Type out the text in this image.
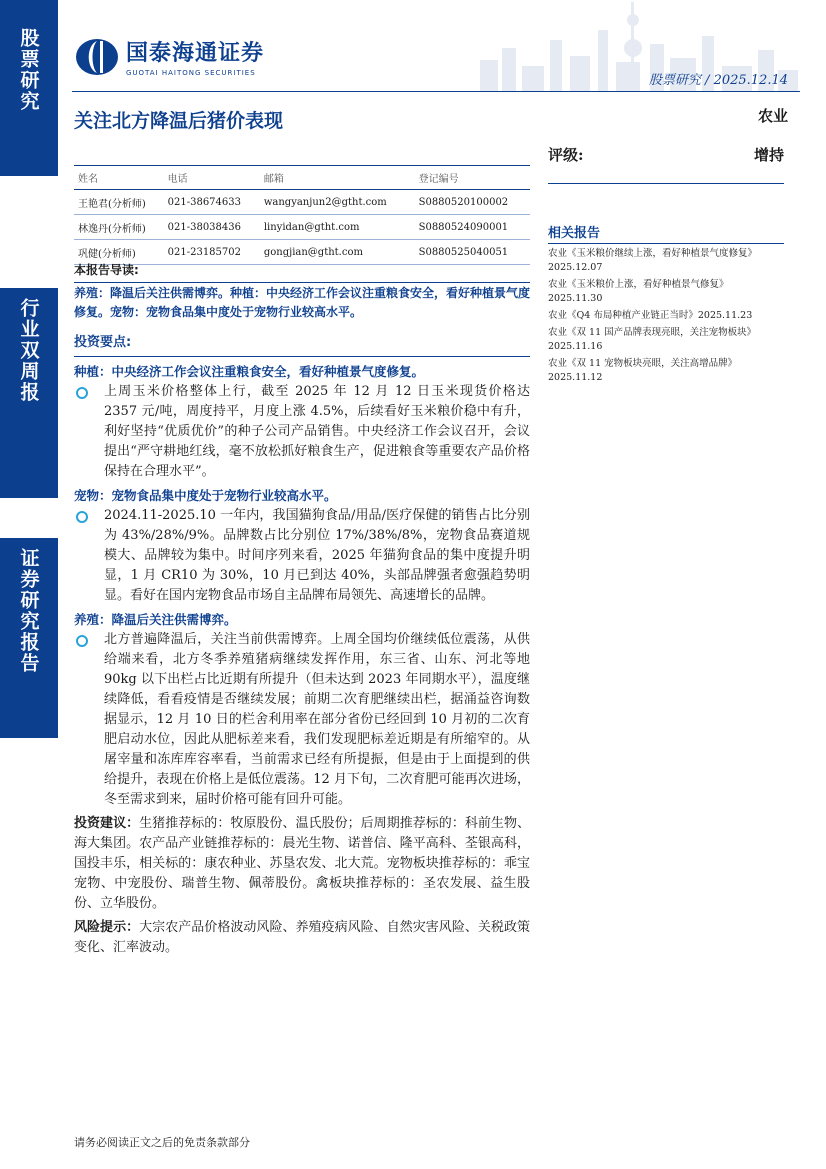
股票研究
行业双周报
证券研究报告
国泰海通证券
GUOTAI HAITONG SECURITIES	股票研究 / 2025.12.14
农业
关注北方降温后猪价表现
评级:	增持
姓名	电话	邮箱	登记编号
王艳君(分析师)	021-38674633	wangyanjun2@gtht.com	S0880520100002
林逸丹(分析师)	021-38038436	linyidan@gtht.com	S0880524090001
巩健(分析师)	021-23185702	gongjian@gtht.com	S0880525040051
相关报告
农业《玉米粮价继续上涨，看好种植景气度修复》
2025.12.07
农业《玉米粮价上涨，看好种植景气修复》
2025.11.30
农业《Q4 布局种植产业链正当时》2025.11.23
农业《双 11 国产品牌表现亮眼，关注宠物板块》
2025.11.16
农业《双 11 宠物板块亮眼，关注高增品牌》
2025.11.12
本报告导读:
养殖：降温后关注供需博弈。种植：中央经济工作会议注重粮食安全，看好种植景气度修复。宠物：宠物食品集中度处于宠物行业较高水平。
投资要点:
种植：中央经济工作会议注重粮食安全，看好种植景气度修复。
上周玉米价格整体上行，截至 2025 年 12 月 12 日玉米现货价格达 2357 元/吨，周度持平，月度上涨 4.5%，后续看好玉米粮价稳中有升，利好坚持“优质优价”的种子公司产品销售。中央经济工作会议召开，会议提出“严守耕地红线，毫不放松抓好粮食生产，促进粮食等重要农产品价格保持在合理水平”。
宠物：宠物食品集中度处于宠物行业较高水平。
2024.11-2025.10 一年内，我国猫狗食品/用品/医疗保健的销售占比分别为 43%/28%/9%。品牌数占比分别位 17%/38%/8%，宠物食品赛道规模大、品牌较为集中。时间序列来看，2025 年猫狗食品的集中度提升明显，1 月 CR10 为 30%，10 月已到达 40%，头部品牌强者愈强趋势明显。看好在国内宠物食品市场自主品牌布局领先、高速增长的品牌。
养殖：降温后关注供需博弈。
北方普遍降温后，关注当前供需博弈。上周全国均价继续低位震荡，从供给端来看，北方冬季养殖猪病继续发挥作用，东三省、山东、河北等地 90kg 以下出栏占比近期有所提升（但未达到 2023 年同期水平），温度继续降低，看看疫情是否继续发展；前期二次育肥继续出栏，据涌益咨询数据显示，12 月 10 日的栏舍利用率在部分省份已经回到 10 月初的二次育肥启动水位，因此从肥标差来看，我们发现肥标差近期是有所缩窄的。从屠宰量和冻库库容率看，当前需求已经有所提振，但是由于上面提到的供给提升，表现在价格上是低位震荡。12 月下旬，二次育肥可能再次进场，冬至需求到来，届时价格可能有回升可能。
投资建议：生猪推荐标的：牧原股份、温氏股份；后周期推荐标的：科前生物、海大集团。农产品产业链推荐标的：晨光生物、诺普信、隆平高科、荃银高科，国投丰乐，相关标的：康农种业、苏垦农发、北大荒。宠物板块推荐标的：乖宝宠物、中宠股份、瑞普生物、佩蒂股份。禽板块推荐标的：圣农发展、益生股份、立华股份。
风险提示：大宗农产品价格波动风险、养殖疫病风险、自然灾害风险、关税政策变化、汇率波动。
请务必阅读正文之后的免责条款部分
